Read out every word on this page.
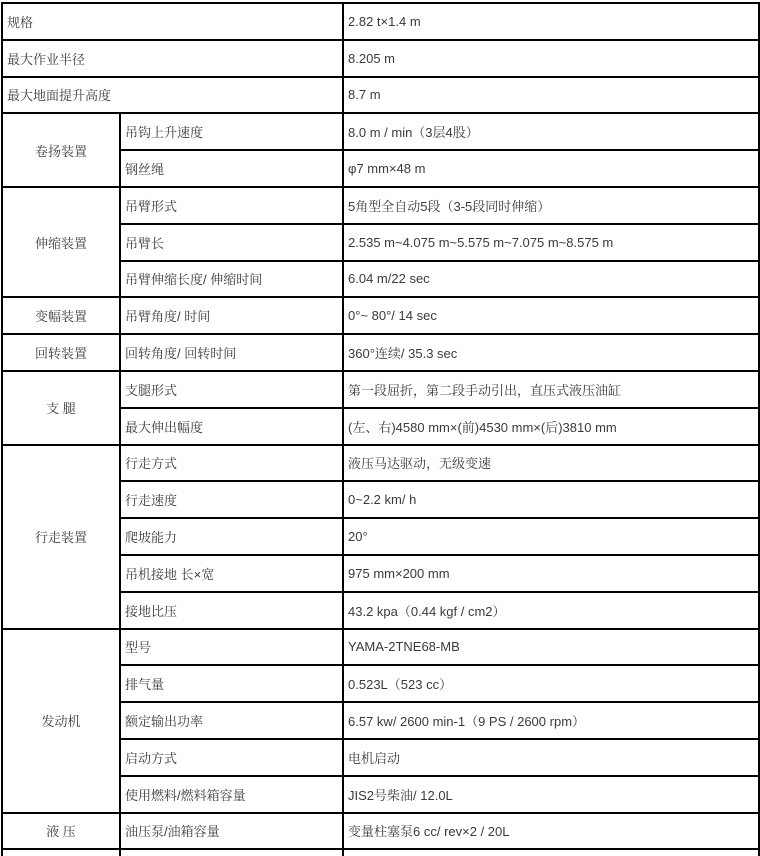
规格		2.82 t×1.4 m
最大作业半径		8.205 m
最大地面提升高度		8.7 m
卷扬装置	吊钩上升速度	8.0 m / min（3层4股）
	钢丝绳	φ7 mm×48 m
伸缩装置	吊臂形式	5角型全自动5段（3-5段同时伸缩）
	吊臂长	2.535 m~4.075 m~5.575 m~7.075 m~8.575 m
	吊臂伸缩长度/ 伸缩时间	6.04 m/22 sec
变幅装置	吊臂角度/ 时间	0°~ 80°/ 14 sec
回转装置	回转角度/ 回转时间	360°连续/ 35.3 sec
支 腿	支腿形式	第一段屈折，第二段手动引出，直压式液压油缸
	最大伸出幅度	(左、右)4580 mm×(前)4530 mm×(后)3810 mm
行走装置	行走方式	液压马达驱动，无级变速
	行走速度	0~2.2 km/ h
	爬坡能力	20°
	吊机接地 长×宽	975 mm×200 mm
	接地比压	43.2 kpa（0.44 kgf / cm2）
发动机	型号	YAMA-2TNE68-MB
	排气量	0.523L（523 cc）
	额定输出功率	6.57 kw/ 2600 min-1（9 PS / 2600 rpm）
	启动方式	电机启动
	使用燃料/燃料箱容量	JIS2号柴油/ 12.0L
液 压	油压泵/油箱容量	变量柱塞泵6 cc/ rev×2 / 20L
